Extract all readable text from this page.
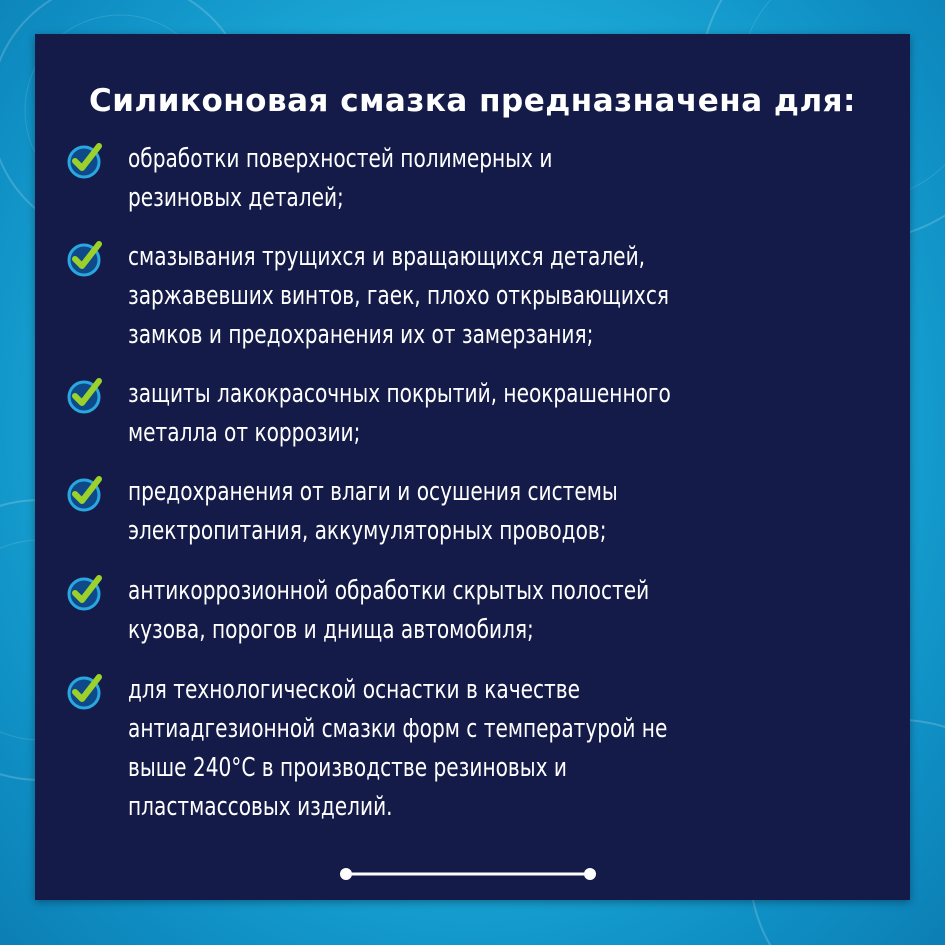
Силиконовая смазка предназначена для:
обработки поверхностей полимерных и
резиновых деталей;
смазывания трущихся и вращающихся деталей,
заржавевших винтов, гаек, плохо открывающихся
замков и предохранения их от замерзания;
защиты лакокрасочных покрытий, неокрашенного
металла от коррозии;
предохранения от влаги и осушения системы
электропитания, аккумуляторных проводов;
антикоррозионной обработки скрытых полостей
кузова, порогов и днища автомобиля;
для технологической оснастки в качестве
антиадгезионной смазки форм с температурой не
выше 240°C в производстве резиновых и
пластмассовых изделий.
